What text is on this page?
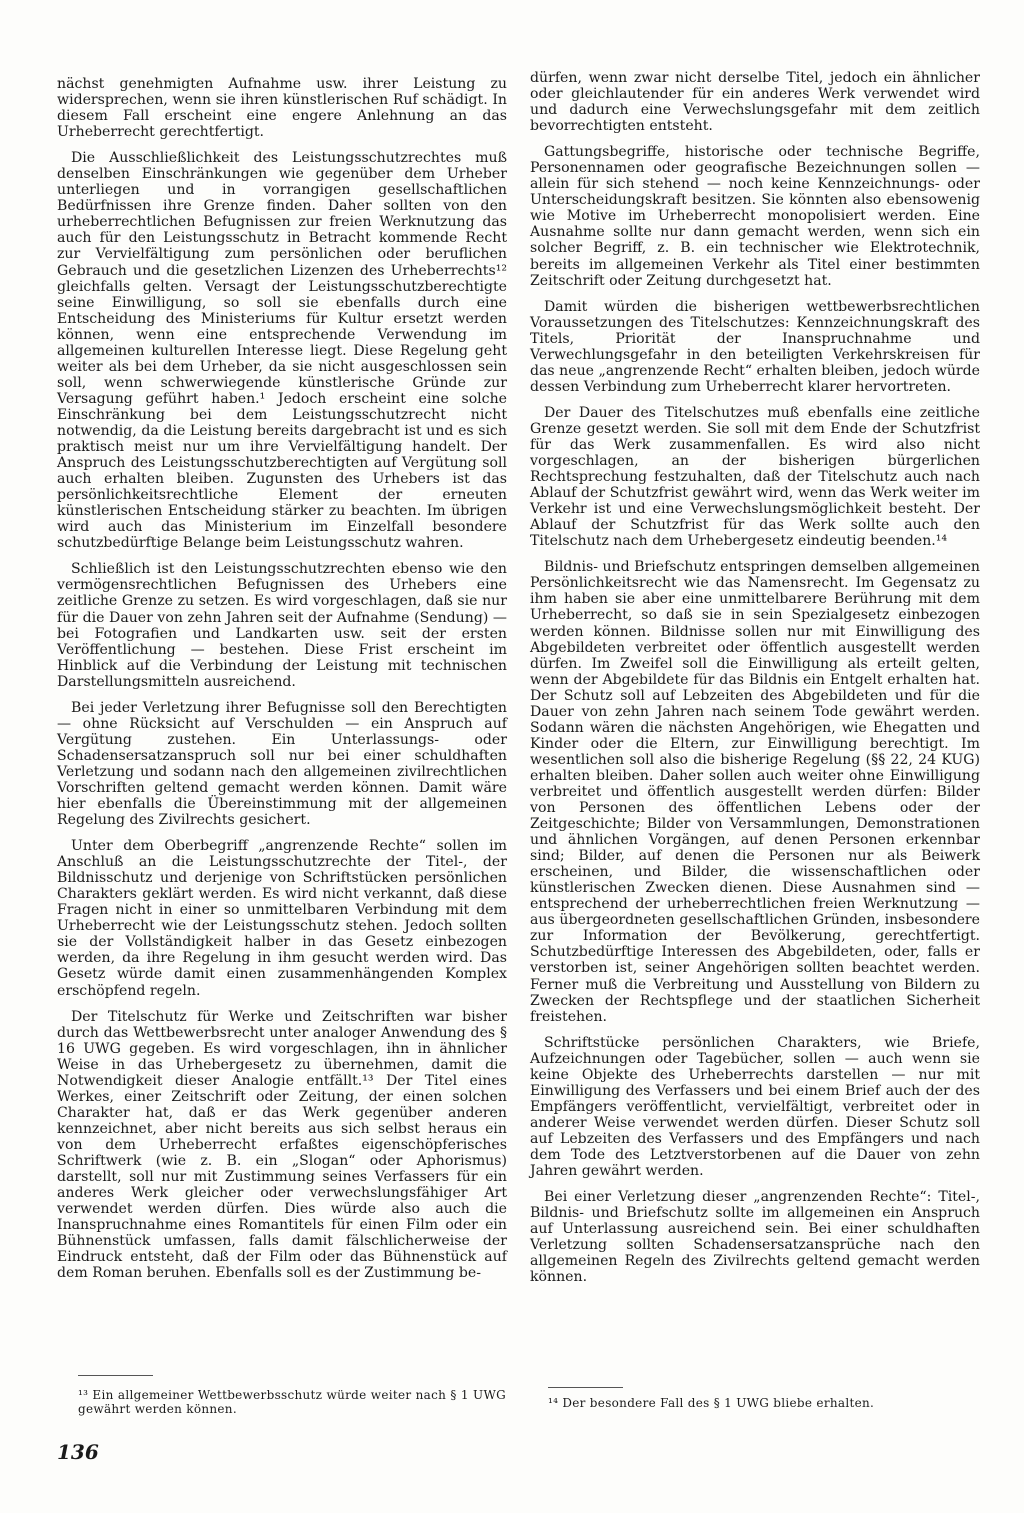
nächst genehmigten Aufnahme usw. ihrer Leistung zu widersprechen, wenn sie ihren künstlerischen Ruf schädigt. In diesem Fall erscheint eine engere Anlehnung an das Urheberrecht gerechtfertigt.

Die Ausschließlichkeit des Leistungsschutzrechtes muß denselben Einschränkungen wie gegenüber dem Urheber unterliegen und in vorrangigen gesellschaftlichen Bedürfnissen ihre Grenze finden. Daher sollten von den urheberrechtlichen Befugnissen zur freien Werknutzung das auch für den Leistungsschutz in Betracht kommende Recht zur Vervielfältigung zum persönlichen oder beruflichen Gebrauch und die gesetzlichen Lizenzen des Urheberrechts¹² gleichfalls gelten. Versagt der Leistungsschutzberechtigte seine Einwilligung, so soll sie ebenfalls durch eine Entscheidung des Ministeriums für Kultur ersetzt werden können, wenn eine entsprechende Verwendung im allgemeinen kulturellen Interesse liegt. Diese Regelung geht weiter als bei dem Urheber, da sie nicht ausgeschlossen sein soll, wenn schwerwiegende künstlerische Gründe zur Versagung geführt haben.¹ Jedoch erscheint eine solche Einschränkung bei dem Leistungsschutzrecht nicht notwendig, da die Leistung bereits dargebracht ist und es sich praktisch meist nur um ihre Vervielfältigung handelt. Der Anspruch des Leistungsschutzberechtigten auf Vergütung soll auch erhalten bleiben. Zugunsten des Urhebers ist das persönlichkeitsrechtliche Element der erneuten künstlerischen Entscheidung stärker zu beachten. Im übrigen wird auch das Ministerium im Einzelfall besondere schutzbedürftige Belange beim Leistungsschutz wahren.

Schließlich ist den Leistungsschutzrechten ebenso wie den vermögensrechtlichen Befugnissen des Urhebers eine zeitliche Grenze zu setzen. Es wird vorgeschlagen, daß sie nur für die Dauer von zehn Jahren seit der Aufnahme (Sendung) — bei Fotografien und Landkarten usw. seit der ersten Veröffentlichung — bestehen. Diese Frist erscheint im Hinblick auf die Verbindung der Leistung mit technischen Darstellungsmitteln ausreichend.

Bei jeder Verletzung ihrer Befugnisse soll den Berechtigten — ohne Rücksicht auf Verschulden — ein Anspruch auf Vergütung zustehen. Ein Unterlassungs- oder Schadensersatzanspruch soll nur bei einer schuldhaften Verletzung und sodann nach den allgemeinen zivilrechtlichen Vorschriften geltend gemacht werden können. Damit wäre hier ebenfalls die Übereinstimmung mit der allgemeinen Regelung des Zivilrechts gesichert.

Unter dem Oberbegriff „angrenzende Rechte“ sollen im Anschluß an die Leistungsschutzrechte der Titel-, der Bildnisschutz und derjenige von Schriftstücken persönlichen Charakters geklärt werden. Es wird nicht verkannt, daß diese Fragen nicht in einer so unmittelbaren Verbindung mit dem Urheberrecht wie der Leistungsschutz stehen. Jedoch sollten sie der Vollständigkeit halber in das Gesetz einbezogen werden, da ihre Regelung in ihm gesucht werden wird. Das Gesetz würde damit einen zusammenhängenden Komplex erschöpfend regeln.

Der Titelschutz für Werke und Zeitschriften war bisher durch das Wettbewerbsrecht unter analoger Anwendung des § 16 UWG gegeben. Es wird vorgeschlagen, ihn in ähnlicher Weise in das Urhebergesetz zu übernehmen, damit die Notwendigkeit dieser Analogie entfällt.¹³ Der Titel eines Werkes, einer Zeitschrift oder Zeitung, der einen solchen Charakter hat, daß er das Werk gegenüber anderen kennzeichnet, aber nicht bereits aus sich selbst heraus ein von dem Urheberrecht erfaßtes eigenschöpferisches Schriftwerk (wie z. B. ein „Slogan“ oder Aphorismus) darstellt, soll nur mit Zustimmung seines Verfassers für ein anderes Werk gleicher oder verwechslungsfähiger Art verwendet werden dürfen. Dies würde also auch die Inanspruchnahme eines Romantitels für einen Film oder ein Bühnenstück umfassen, falls damit fälschlicherweise der Eindruck entsteht, daß der Film oder das Bühnenstück auf dem Roman beruhen. Ebenfalls soll es der Zustimmung be-

dürfen, wenn zwar nicht derselbe Titel, jedoch ein ähnlicher oder gleichlautender für ein anderes Werk verwendet wird und dadurch eine Verwechslungsgefahr mit dem zeitlich bevorrechtigten entsteht.

Gattungsbegriffe, historische oder technische Begriffe, Personennamen oder geografische Bezeichnungen sollen — allein für sich stehend — noch keine Kennzeichnungs- oder Unterscheidungskraft besitzen. Sie könnten also ebensowenig wie Motive im Urheberrecht monopolisiert werden. Eine Ausnahme sollte nur dann gemacht werden, wenn sich ein solcher Begriff, z. B. ein technischer wie Elektrotechnik, bereits im allgemeinen Verkehr als Titel einer bestimmten Zeitschrift oder Zeitung durchgesetzt hat.

Damit würden die bisherigen wettbewerbsrechtlichen Voraussetzungen des Titelschutzes: Kennzeichnungskraft des Titels, Priorität der Inanspruchnahme und Verwechlungsgefahr in den beteiligten Verkehrskreisen für das neue „angrenzende Recht“ erhalten bleiben, jedoch würde dessen Verbindung zum Urheberrecht klarer hervortreten.

Der Dauer des Titelschutzes muß ebenfalls eine zeitliche Grenze gesetzt werden. Sie soll mit dem Ende der Schutzfrist für das Werk zusammenfallen. Es wird also nicht vorgeschlagen, an der bisherigen bürgerlichen Rechtsprechung festzuhalten, daß der Titelschutz auch nach Ablauf der Schutzfrist gewährt wird, wenn das Werk weiter im Verkehr ist und eine Verwechslungsmöglichkeit besteht. Der Ablauf der Schutzfrist für das Werk sollte auch den Titelschutz nach dem Urhebergesetz eindeutig beenden.¹⁴

Bildnis- und Briefschutz entspringen demselben allgemeinen Persönlichkeitsrecht wie das Namensrecht. Im Gegensatz zu ihm haben sie aber eine unmittelbarere Berührung mit dem Urheberrecht, so daß sie in sein Spezialgesetz einbezogen werden können. Bildnisse sollen nur mit Einwilligung des Abgebildeten verbreitet oder öffentlich ausgestellt werden dürfen. Im Zweifel soll die Einwilligung als erteilt gelten, wenn der Abgebildete für das Bildnis ein Entgelt erhalten hat. Der Schutz soll auf Lebzeiten des Abgebildeten und für die Dauer von zehn Jahren nach seinem Tode gewährt werden. Sodann wären die nächsten Angehörigen, wie Ehegatten und Kinder oder die Eltern, zur Einwilligung berechtigt. Im wesentlichen soll also die bisherige Regelung (§§ 22, 24 KUG) erhalten bleiben. Daher sollen auch weiter ohne Einwilligung verbreitet und öffentlich ausgestellt werden dürfen: Bilder von Personen des öffentlichen Lebens oder der Zeitgeschichte; Bilder von Versammlungen, Demonstrationen und ähnlichen Vorgängen, auf denen Personen erkennbar sind; Bilder, auf denen die Personen nur als Beiwerk erscheinen, und Bilder, die wissenschaftlichen oder künstlerischen Zwecken dienen. Diese Ausnahmen sind — entsprechend der urheberrechtlichen freien Werknutzung — aus übergeordneten gesellschaftlichen Gründen, insbesondere zur Information der Bevölkerung, gerechtfertigt. Schutzbedürftige Interessen des Abgebildeten, oder, falls er verstorben ist, seiner Angehörigen sollten beachtet werden. Ferner muß die Verbreitung und Ausstellung von Bildern zu Zwecken der Rechtspflege und der staatlichen Sicherheit freistehen.

Schriftstücke persönlichen Charakters, wie Briefe, Aufzeichnungen oder Tagebücher, sollen — auch wenn sie keine Objekte des Urheberrechts darstellen — nur mit Einwilligung des Verfassers und bei einem Brief auch der des Empfängers veröffentlicht, vervielfältigt, verbreitet oder in anderer Weise verwendet werden dürfen. Dieser Schutz soll auf Lebzeiten des Verfassers und des Empfängers und nach dem Tode des Letztverstorbenen auf die Dauer von zehn Jahren gewährt werden.

Bei einer Verletzung dieser „angrenzenden Rechte“: Titel-, Bildnis- und Briefschutz sollte im allgemeinen ein Anspruch auf Unterlassung ausreichend sein. Bei einer schuldhaften Verletzung sollten Schadensersatzansprüche nach den allgemeinen Regeln des Zivilrechts geltend gemacht werden können.

¹³ Ein allgemeiner Wettbewerbsschutz würde weiter nach § 1 UWG gewährt werden können.	¹⁴ Der besondere Fall des § 1 UWG bliebe erhalten.
136
